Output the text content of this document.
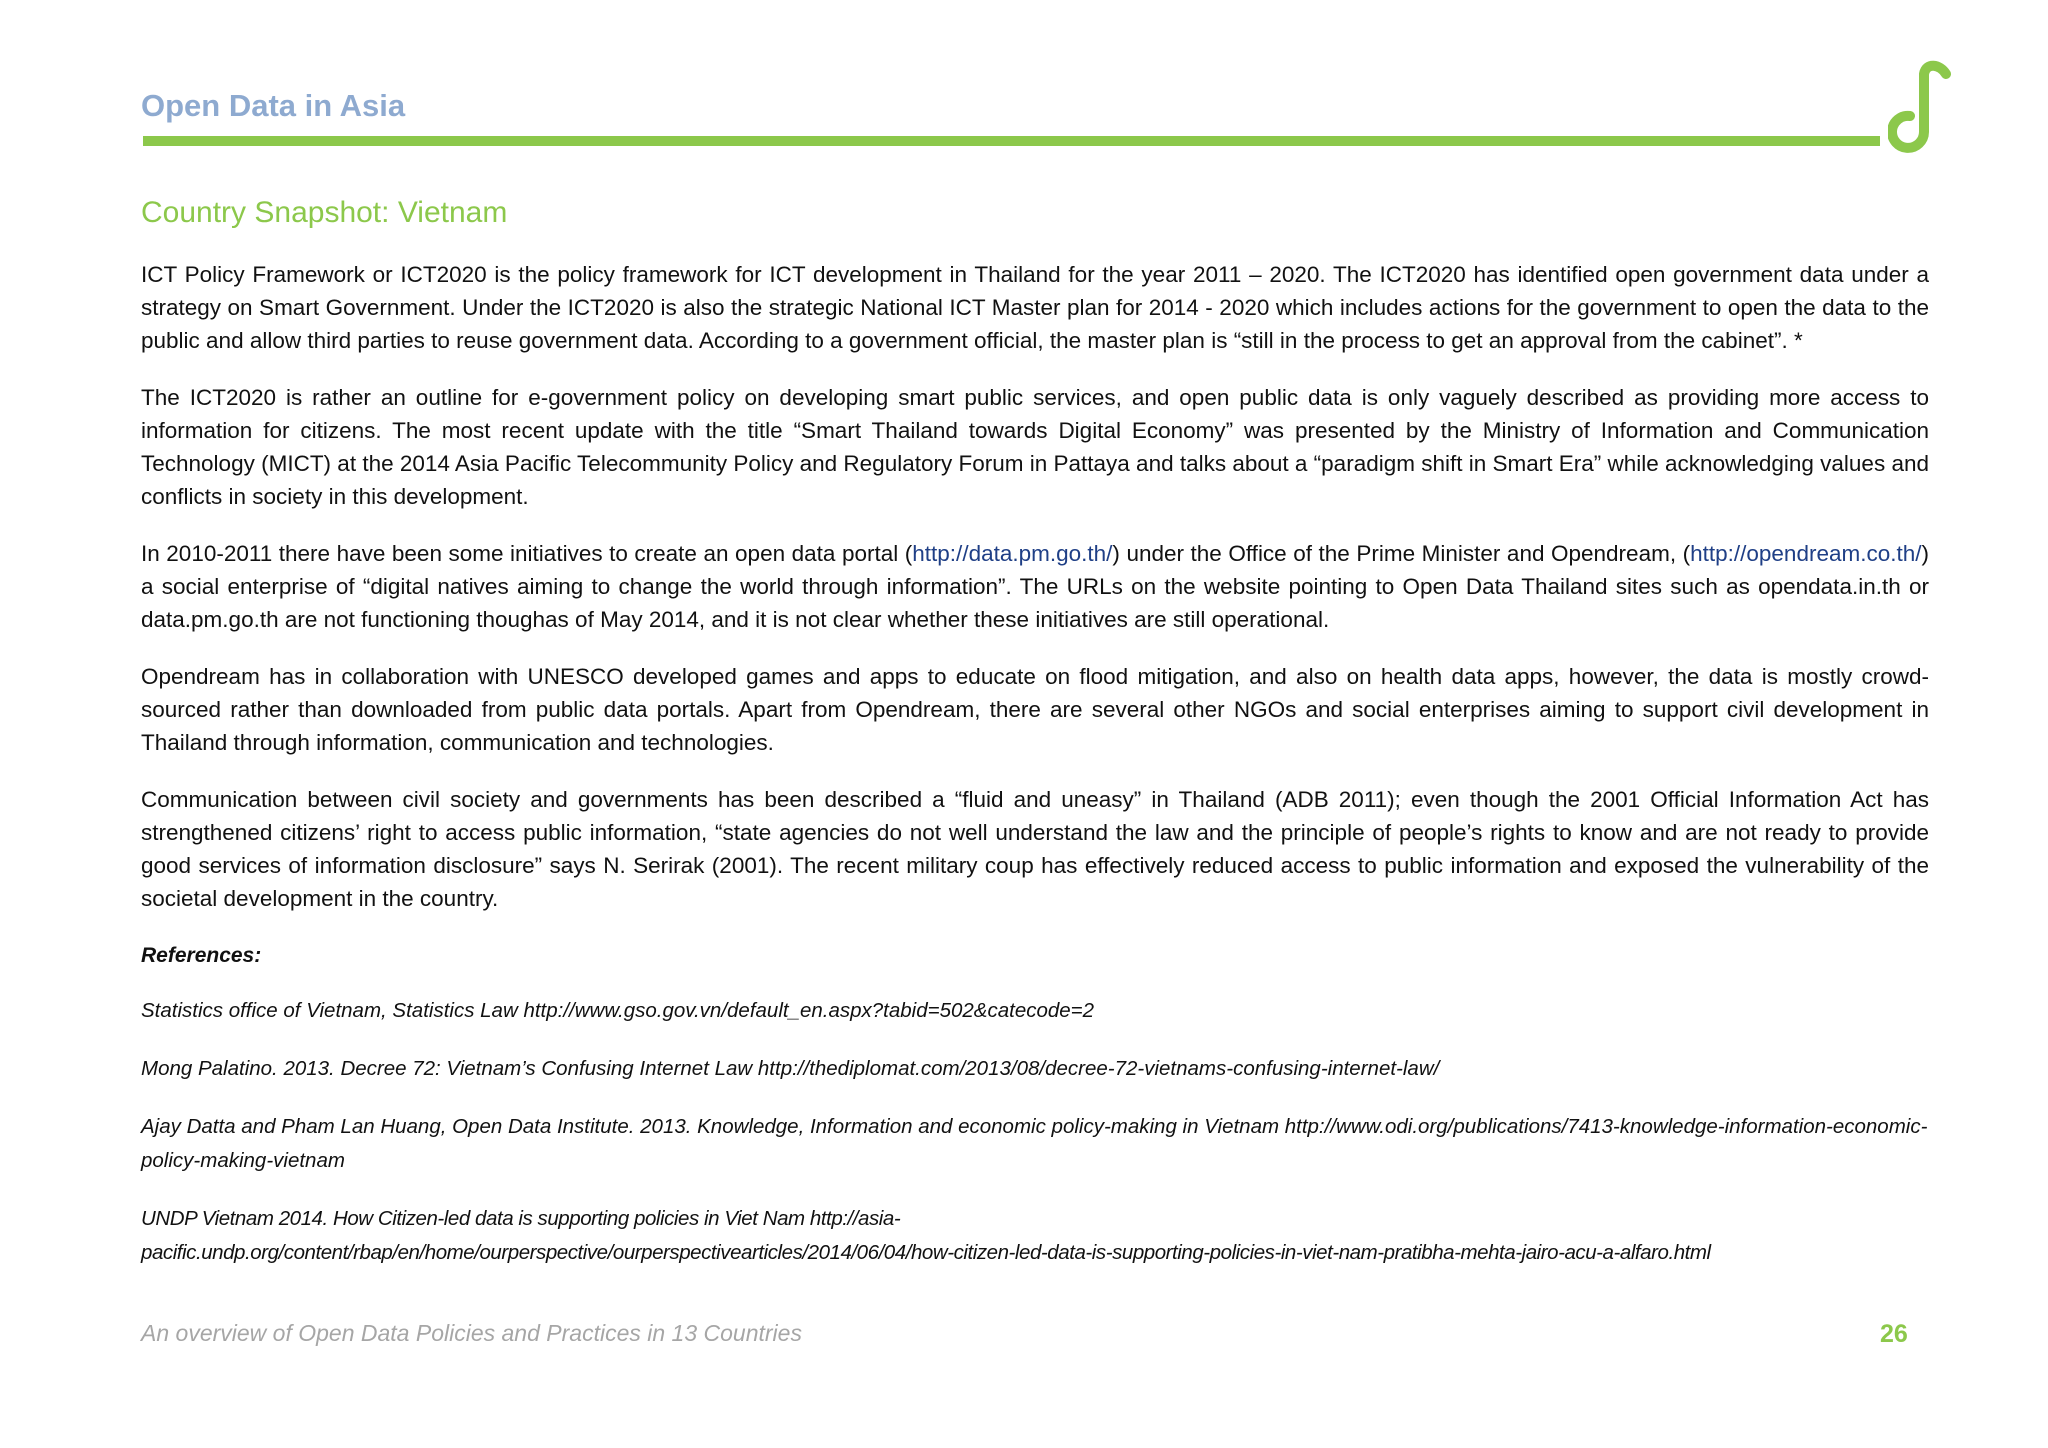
Open Data in Asia
Country Snapshot: Vietnam

ICT Policy Framework or ICT2020 is the policy framework for ICT development in Thailand for the year 2011 – 2020. The ICT2020 has identified open government data under a strategy on Smart Government. Under the ICT2020 is also the strategic National ICT Master plan for 2014 - 2020 which includes actions for the government to open the data to the public and allow third parties to reuse government data. According to a government official, the master plan is “still in the process to get an approval from the cabinet”. *

The ICT2020 is rather an outline for e-government policy on developing smart public services, and open public data is only vaguely described as providing more access to information for citizens. The most recent update with the title “Smart Thailand towards Digital Economy” was presented by the Ministry of Information and Communication Technology (MICT) at the 2014 Asia Pacific Telecommunity Policy and Regulatory Forum in Pattaya and talks about a “paradigm shift in Smart Era” while acknowledging values and conflicts in society in this development.

In 2010-2011 there have been some initiatives to create an open data portal (http://data.pm.go.th/) under the Office of the Prime Minister and Opendream, (http://opendream.co.th/) a social enterprise of “digital natives aiming to change the world through information”. The URLs on the website pointing to Open Data Thailand sites such as opendata.in.th or data.pm.go.th are not functioning thoughas of May 2014, and it is not clear whether these initiatives are still operational.

Opendream has in collaboration with UNESCO developed games and apps to educate on flood mitigation, and also on health data apps, however, the data is mostly crowd-sourced rather than downloaded from public data portals. Apart from Opendream, there are several other NGOs and social enterprises aiming to support civil development in Thailand through information, communication and technologies.

Communication between civil society and governments has been described a “fluid and uneasy” in Thailand (ADB 2011); even though the 2001 Official Information Act has strengthened citizens’ right to access public information, “state agencies do not well understand the law and the principle of people’s rights to know and are not ready to provide good services of information disclosure” says N. Serirak (2001). The recent military coup has effectively reduced access to public information and exposed the vulnerability of the societal development in the country.

References:
Statistics office of Vietnam, Statistics Law http://www.gso.gov.vn/default_en.aspx?tabid=502&catecode=2
Mong Palatino. 2013. Decree 72: Vietnam’s Confusing Internet Law http://thediplomat.com/2013/08/decree-72-vietnams-confusing-internet-law/
Ajay Datta and Pham Lan Huang, Open Data Institute. 2013. Knowledge, Information and economic policy-making in Vietnam http://www.odi.org/publications/7413-knowledge-information-economic-policy-making-vietnam
UNDP Vietnam 2014. How Citizen-led data is supporting policies in Viet Nam http://asia-
pacific.undp.org/content/rbap/en/home/ourperspective/ourperspectivearticles/2014/06/04/how-citizen-led-data-is-supporting-policies-in-viet-nam-pratibha-mehta-jairo-acu-a-alfaro.html
An overview of Open Data Policies and Practices in 13 Countries	26
